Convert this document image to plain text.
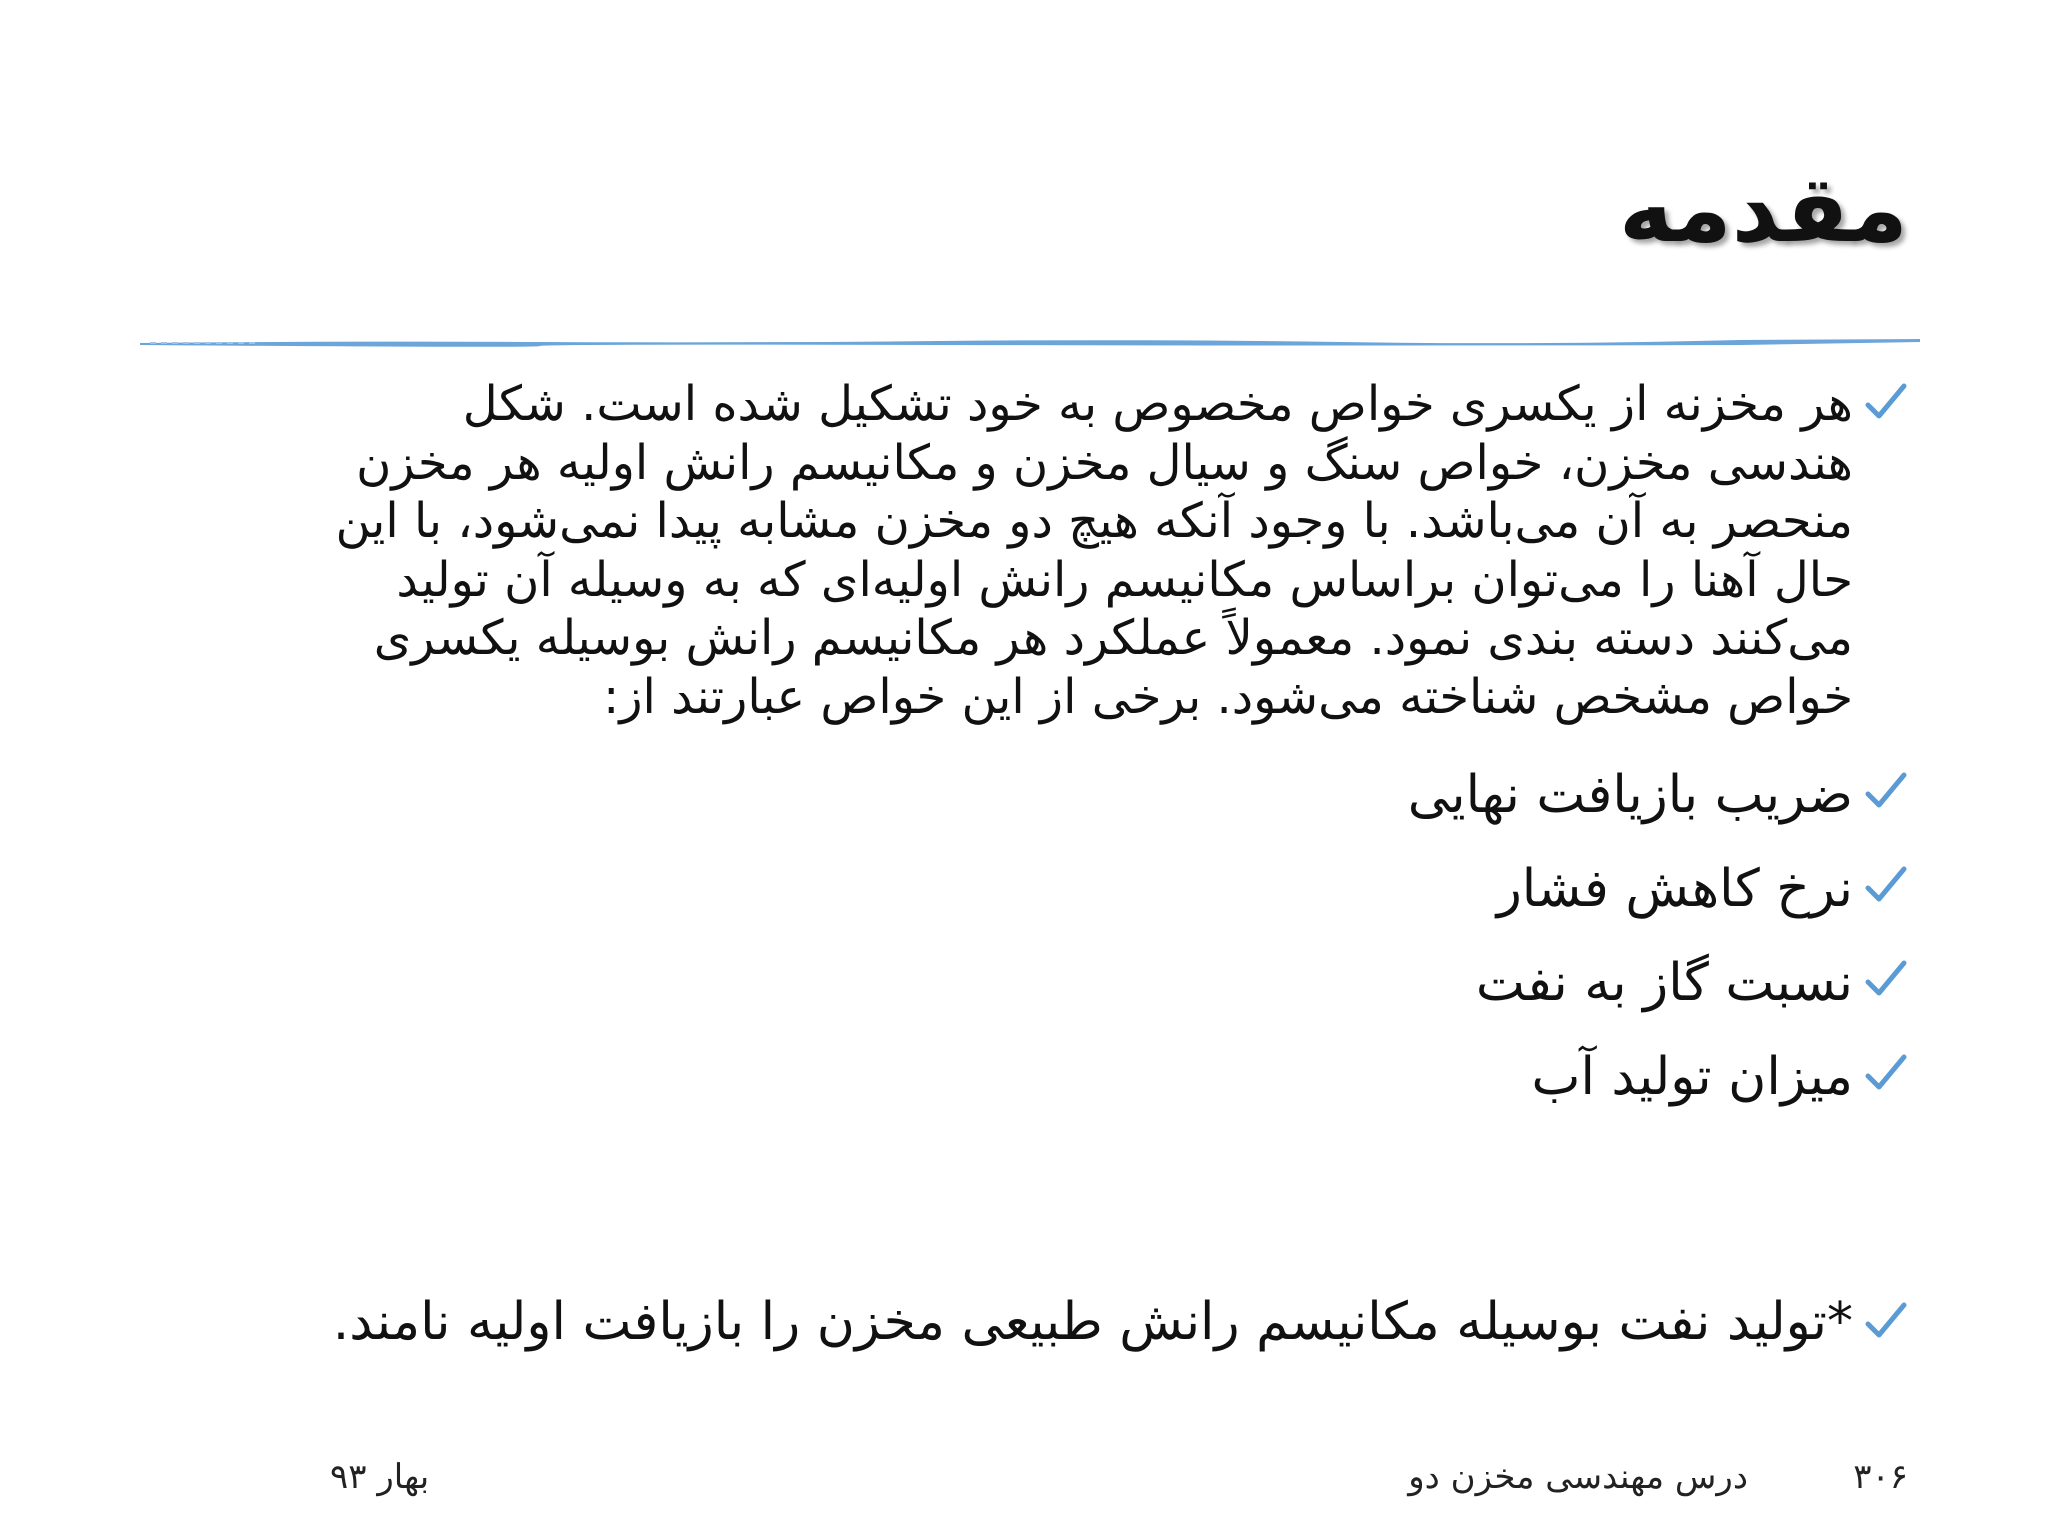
مقدمه
هر مخزنه از یکسری خواص مخصوص به خود تشکیل شده است. شکل هندسی مخزن، خواص سنگ و سیال مخزن و مکانیسم رانش اولیه هر مخزن منحصر به آن می‌باشد. با وجود آنکه هیچ دو مخزن مشابه پیدا نمی‌شود، با این حال آهنا را می‌توان براساس مکانیسم رانش اولیه‌ای که به وسیله آن تولید می‌کنند دسته بندی نمود. معمولاً عملکرد هر مکانیسم رانش بوسیله یکسری خواص مشخص شناخته می‌شود. برخی از این خواص عبارتند از:
ضریب بازیافت نهایی
نرخ کاهش فشار
نسبت گاز به نفت
میزان تولید آب
*تولید نفت بوسیله مکانیسم رانش طبیعی مخزن را بازیافت اولیه نامند.
۳۰۶
درس مهندسی مخزن دو
بهار ۹۳
